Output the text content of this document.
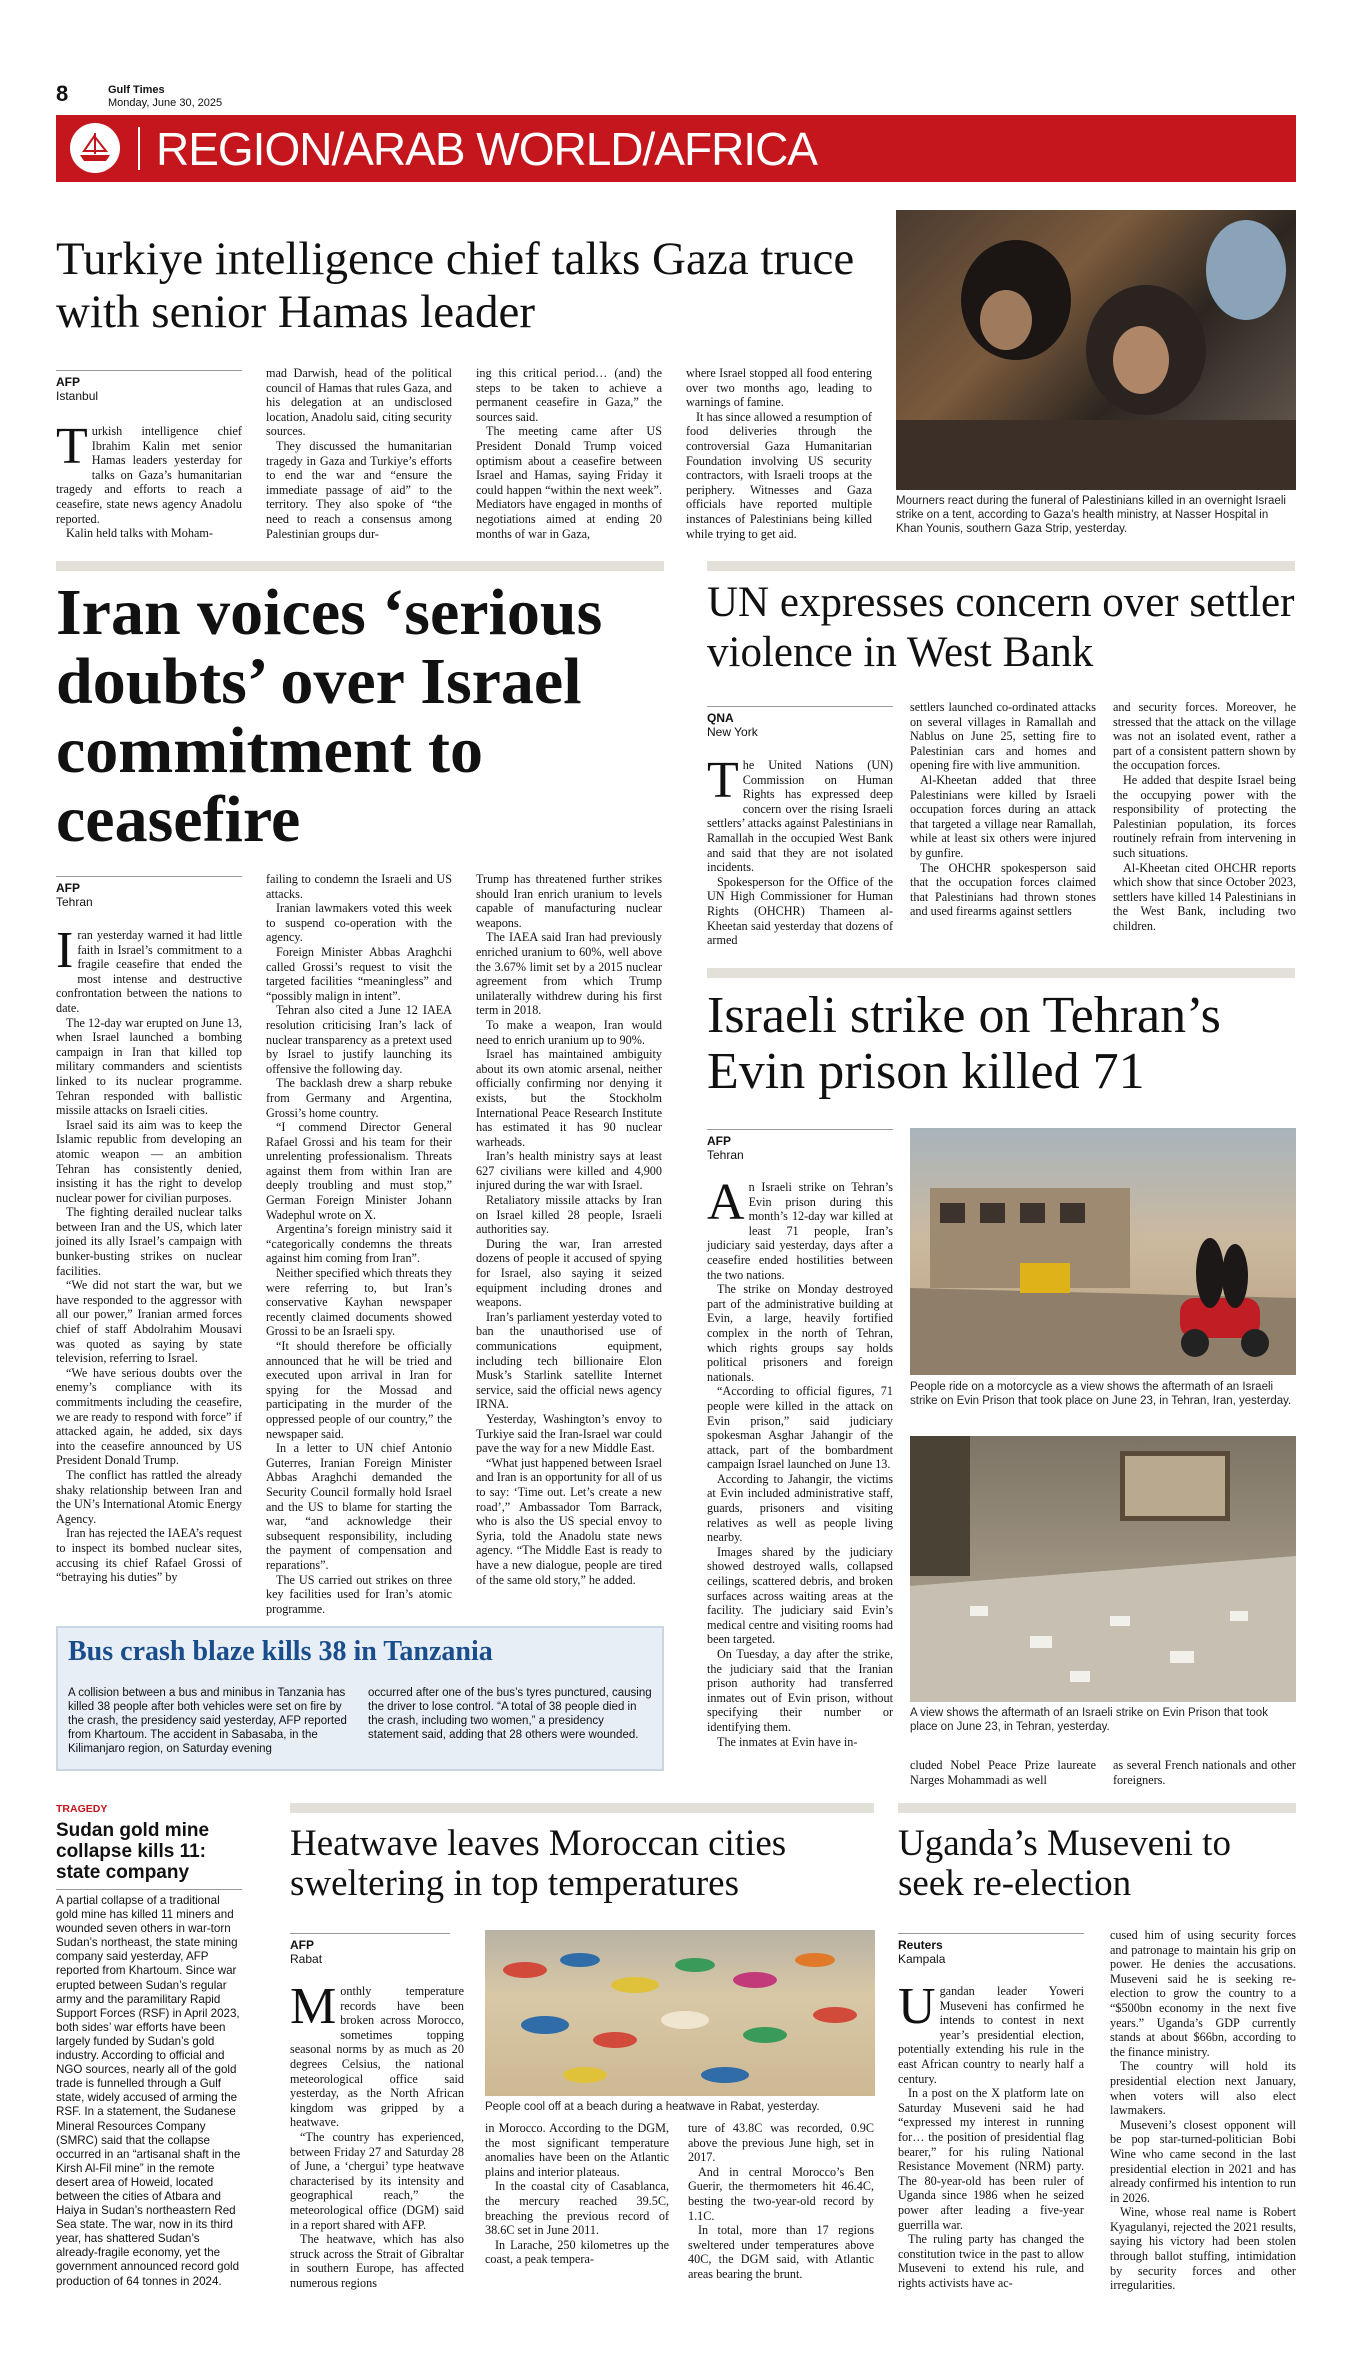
8	Gulf Times
Monday, June 30, 2025
REGION/ARAB WORLD/AFRICA
Turkiye intelligence chief talks Gaza truce with senior Hamas leader
AFP
Istanbul

Turkish intelligence chief Ibrahim Kalin met senior Hamas leaders yesterday for talks on Gaza’s humanitarian tragedy and efforts to reach a ceasefire, state news agency Anadolu reported.

Kalin held talks with Moham-

mad Darwish, head of the political council of Hamas that rules Gaza, and his delegation at an undisclosed location, Anadolu said, citing security sources.

They discussed the humanitarian tragedy in Gaza and Turkiye’s efforts to end the war and “ensure the immediate passage of aid” to the territory. They also spoke of “the need to reach a consensus among Palestinian groups dur-

ing this critical period… (and) the steps to be taken to achieve a permanent ceasefire in Gaza,” the sources said.

The meeting came after US President Donald Trump voiced optimism about a ceasefire between Israel and Hamas, saying Friday it could happen “within the next week”. Mediators have engaged in months of negotiations aimed at ending 20 months of war in Gaza,

where Israel stopped all food entering over two months ago, leading to warnings of famine.

It has since allowed a resumption of food deliveries through the controversial Gaza Humanitarian Foundation involving US security contractors, with Israeli troops at the periphery. Witnesses and Gaza officials have reported multiple instances of Palestinians being killed while trying to get aid.

Mourners react during the funeral of Palestinians killed in an overnight Israeli strike on a tent, according to Gaza’s health ministry, at Nasser Hospital in Khan Younis, southern Gaza Strip, yesterday.
Iran voices ‘serious doubts’ over Israel commitment to ceasefire
AFP
Tehran

Iran yesterday warned it had little faith in Israel’s commitment to a fragile ceasefire that ended the most intense and destructive confrontation between the nations to date.

The 12-day war erupted on June 13, when Israel launched a bombing campaign in Iran that killed top military commanders and scientists linked to its nuclear programme. Tehran responded with ballistic missile attacks on Israeli cities.

Israel said its aim was to keep the Islamic republic from developing an atomic weapon — an ambition Tehran has consistently denied, insisting it has the right to develop nuclear power for civilian purposes.

The fighting derailed nuclear talks between Iran and the US, which later joined its ally Israel’s campaign with bunker-busting strikes on nuclear facilities.

“We did not start the war, but we have responded to the aggressor with all our power,” Iranian armed forces chief of staff Abdolrahim Mousavi was quoted as saying by state television, referring to Israel.

“We have serious doubts over the enemy’s compliance with its commitments including the ceasefire, we are ready to respond with force” if attacked again, he added, six days into the ceasefire announced by US President Donald Trump.

The conflict has rattled the already shaky relationship between Iran and the UN’s International Atomic Energy Agency.

Iran has rejected the IAEA’s request to inspect its bombed nuclear sites, accusing its chief Rafael Grossi of “betraying his duties” by

failing to condemn the Israeli and US attacks.

Iranian lawmakers voted this week to suspend co-operation with the agency.

Foreign Minister Abbas Araghchi called Grossi’s request to visit the targeted facilities “meaningless” and “possibly malign in intent”.

Tehran also cited a June 12 IAEA resolution criticising Iran’s lack of nuclear transparency as a pretext used by Israel to justify launching its offensive the following day.

The backlash drew a sharp rebuke from Germany and Argentina, Grossi’s home country.

“I commend Director General Rafael Grossi and his team for their unrelenting professionalism. Threats against them from within Iran are deeply troubling and must stop,” German Foreign Minister Johann Wadephul wrote on X.

Argentina’s foreign ministry said it “categorically condemns the threats against him coming from Iran”.

Neither specified which threats they were referring to, but Iran’s conservative Kayhan newspaper recently claimed documents showed Grossi to be an Israeli spy.

“It should therefore be officially announced that he will be tried and executed upon arrival in Iran for spying for the Mossad and participating in the murder of the oppressed people of our country,” the newspaper said.

In a letter to UN chief Antonio Guterres, Iranian Foreign Minister Abbas Araghchi demanded the Security Council formally hold Israel and the US to blame for starting the war, “and acknowledge their subsequent responsibility, including the payment of compensation and reparations”.

The US carried out strikes on three key facilities used for Iran’s atomic programme.

Trump has threatened further strikes should Iran enrich uranium to levels capable of manufacturing nuclear weapons.

The IAEA said Iran had previously enriched uranium to 60%, well above the 3.67% limit set by a 2015 nuclear agreement from which Trump unilaterally withdrew during his first term in 2018.

To make a weapon, Iran would need to enrich uranium up to 90%.

Israel has maintained ambiguity about its own atomic arsenal, neither officially confirming nor denying it exists, but the Stockholm International Peace Research Institute has estimated it has 90 nuclear warheads.

Iran’s health ministry says at least 627 civilians were killed and 4,900 injured during the war with Israel.

Retaliatory missile attacks by Iran on Israel killed 28 people, Israeli authorities say.

During the war, Iran arrested dozens of people it accused of spying for Israel, also saying it seized equipment including drones and weapons.

Iran’s parliament yesterday voted to ban the unauthorised use of communications equipment, including tech billionaire Elon Musk’s Starlink satellite Internet service, said the official news agency IRNA.

Yesterday, Washington’s envoy to Turkiye said the Iran-Israel war could pave the way for a new Middle East.

“What just happened between Israel and Iran is an opportunity for all of us to say: ‘Time out. Let’s create a new road’,” Ambassador Tom Barrack, who is also the US special envoy to Syria, told the Anadolu state news agency. “The Middle East is ready to have a new dialogue, people are tired of the same old story,” he added.

Bus crash blaze kills 38 in Tanzania
A collision between a bus and minibus in Tanzania has killed 38 people after both vehicles were set on fire by the crash, the presidency said yesterday, AFP reported from Khartoum. The accident in Sabasaba, in the Kilimanjaro region, on Saturday evening
occurred after one of the bus’s tyres punctured, causing the driver to lose control. “A total of 38 people died in the crash, including two women,” a presidency statement said, adding that 28 others were wounded.
UN expresses concern over settler violence in West Bank
QNA
New York

The United Nations (UN) Commission on Human Rights has expressed deep concern over the rising Israeli settlers’ attacks against Palestinians in Ramallah in the occupied West Bank and said that they are not isolated incidents.

Spokesperson for the Office of the UN High Commissioner for Human Rights (OHCHR) Thameen al-Kheetan said yesterday that dozens of armed

settlers launched co-ordinated attacks on several villages in Ramallah and Nablus on June 25, setting fire to Palestinian cars and homes and opening fire with live ammunition.

Al-Kheetan added that three Palestinians were killed by Israeli occupation forces during an attack that targeted a village near Ramallah, while at least six others were injured by gunfire.

The OHCHR spokesperson said that the occupation forces claimed that Palestinians had thrown stones and used firearms against settlers

and security forces. Moreover, he stressed that the attack on the village was not an isolated event, rather a part of a consistent pattern shown by the occupation forces.

He added that despite Israel being the occupying power with the responsibility of protecting the Palestinian population, its forces routinely refrain from intervening in such situations.

Al-Kheetan cited OHCHR reports which show that since October 2023, settlers have killed 14 Palestinians in the West Bank, including two children.

Israeli strike on Tehran’s Evin prison killed 71
AFP
Tehran

An Israeli strike on Tehran’s Evin prison during this month’s 12-day war killed at least 71 people, Iran’s judiciary said yesterday, days after a ceasefire ended hostilities between the two nations.

The strike on Monday destroyed part of the administrative building at Evin, a large, heavily fortified complex in the north of Tehran, which rights groups say holds political prisoners and foreign nationals.

“According to official figures, 71 people were killed in the attack on Evin prison,” said judiciary spokesman Asghar Jahangir of the attack, part of the bombardment campaign Israel launched on June 13.

According to Jahangir, the victims at Evin included administrative staff, guards, prisoners and visiting relatives as well as people living nearby.

Images shared by the judiciary showed destroyed walls, collapsed ceilings, scattered debris, and broken surfaces across waiting areas at the facility. The judiciary said Evin’s medical centre and visiting rooms had been targeted.

On Tuesday, a day after the strike, the judiciary said that the Iranian prison authority had transferred inmates out of Evin prison, without specifying their number or identifying them.

The inmates at Evin have in-

People ride on a motorcycle as a view shows the aftermath of an Israeli strike on Evin Prison that took place on June 23, in Tehran, Iran, yesterday.
A view shows the aftermath of an Israeli strike on Evin Prison that took place on June 23, in Tehran, yesterday.
cluded Nobel Peace Prize laureate Narges Mohammadi as well
as several French nationals and other foreigners.
TRAGEDY
Sudan gold mine collapse kills 11: state company
A partial collapse of a traditional gold mine has killed 11 miners and wounded seven others in war-torn Sudan’s northeast, the state mining company said yesterday, AFP reported from Khartoum. Since war erupted between Sudan’s regular army and the paramilitary Rapid Support Forces (RSF) in April 2023, both sides’ war efforts have been largely funded by Sudan’s gold industry. According to official and NGO sources, nearly all of the gold trade is funnelled through a Gulf state, widely accused of arming the RSF. In a statement, the Sudanese Mineral Resources Company (SMRC) said that the collapse occurred in an “artisanal shaft in the Kirsh Al-Fil mine” in the remote desert area of Howeid, located between the cities of Atbara and Haiya in Sudan’s northeastern Red Sea state. The war, now in its third year, has shattered Sudan’s already-fragile economy, yet the government announced record gold production of 64 tonnes in 2024.
Heatwave leaves Moroccan cities sweltering in top temperatures
AFP
Rabat

Monthly temperature records have been broken across Morocco, sometimes topping seasonal norms by as much as 20 degrees Celsius, the national meteorological office said yesterday, as the North African kingdom was gripped by a heatwave.

“The country has experienced, between Friday 27 and Saturday 28 of June, a ‘chergui’ type heatwave characterised by its intensity and geographical reach,” the meteorological office (DGM) said in a report shared with AFP.

The heatwave, which has also struck across the Strait of Gibraltar in southern Europe, has affected numerous regions

People cool off at a beach during a heatwave in Rabat, yesterday.

in Morocco. According to the DGM, the most significant temperature anomalies have been on the Atlantic plains and interior plateaus.

In the coastal city of Casablanca, the mercury reached 39.5C, breaching the previous record of 38.6C set in June 2011.

In Larache, 250 kilometres up the coast, a peak tempera-

ture of 43.8C was recorded, 0.9C above the previous June high, set in 2017.

And in central Morocco’s Ben Guerir, the thermometers hit 46.4C, besting the two-year-old record by 1.1C.

In total, more than 17 regions sweltered under temperatures above 40C, the DGM said, with Atlantic areas bearing the brunt.

Uganda’s Museveni to seek re-election
Reuters
Kampala

Ugandan leader Yoweri Museveni has confirmed he intends to contest in next year’s presidential election, potentially extending his rule in the east African country to nearly half a century.

In a post on the X platform late on Saturday Museveni said he had “expressed my interest in running for… the position of presidential flag bearer,” for his ruling National Resistance Movement (NRM) party. The 80-year-old has been ruler of Uganda since 1986 when he seized power after leading a five-year guerrilla war.

The ruling party has changed the constitution twice in the past to allow Museveni to extend his rule, and rights activists have ac-

cused him of using security forces and patronage to maintain his grip on power. He denies the accusations. Museveni said he is seeking re-election to grow the country to a “$500bn economy in the next five years.” Uganda’s GDP currently stands at about $66bn, according to the finance ministry.

The country will hold its presidential election next January, when voters will also elect lawmakers.

Museveni’s closest opponent will be pop star-turned-politician Bobi Wine who came second in the last presidential election in 2021 and has already confirmed his intention to run in 2026.

Wine, whose real name is Robert Kyagulanyi, rejected the 2021 results, saying his victory had been stolen through ballot stuffing, intimidation by security forces and other irregularities.
